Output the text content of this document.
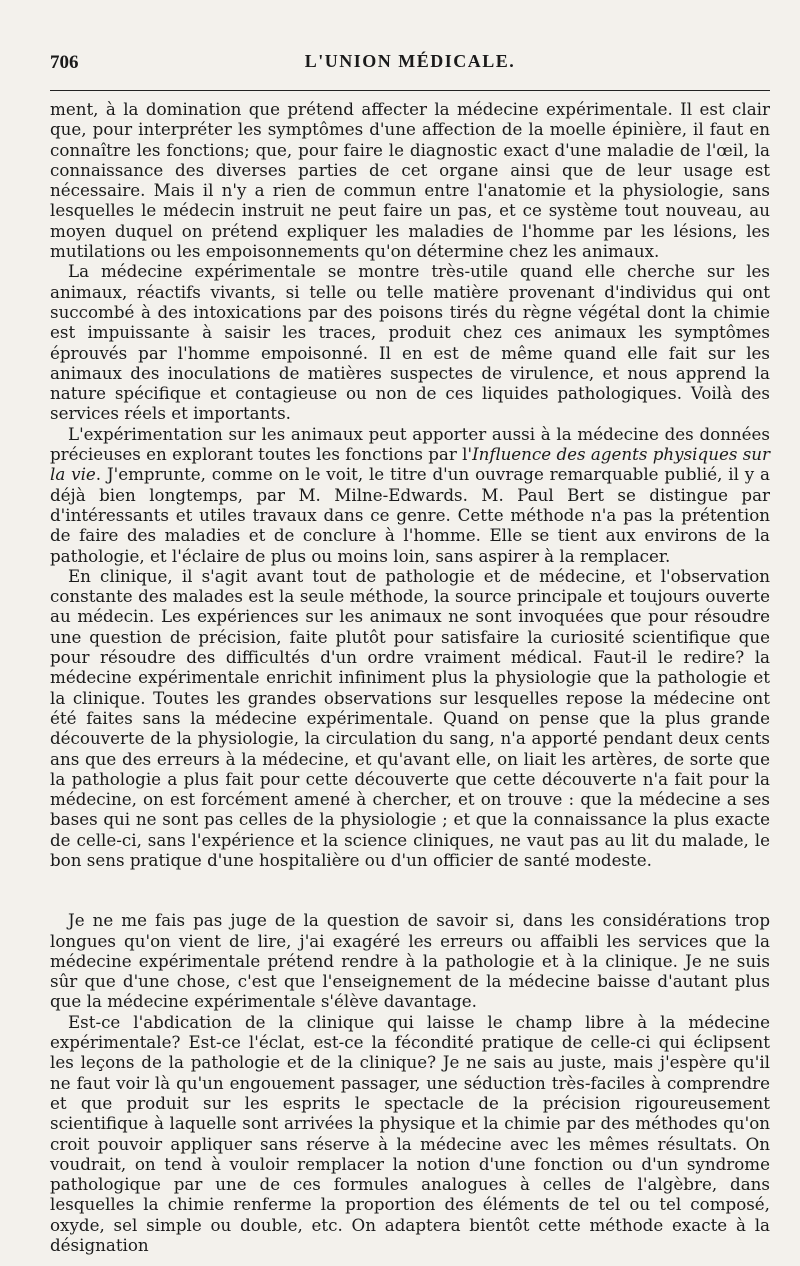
706	L'UNION MÉDICALE.

ment, à la domination que prétend affecter la médecine expérimentale. Il est clair que, pour interpréter les symptômes d'une affection de la moelle épinière, il faut en connaître les fonctions; que, pour faire le diagnostic exact d'une maladie de l'œil, la connaissance des diverses parties de cet organe ainsi que de leur usage est nécessaire. Mais il n'y a rien de commun entre l'anatomie et la physiologie, sans lesquelles le médecin instruit ne peut faire un pas, et ce système tout nouveau, au moyen duquel on prétend expliquer les maladies de l'homme par les lésions, les mutilations ou les empoisonnements qu'on détermine chez les animaux.

La médecine expérimentale se montre très-utile quand elle cherche sur les animaux, réactifs vivants, si telle ou telle matière provenant d'individus qui ont succombé à des intoxications par des poisons tirés du règne végétal dont la chimie est impuissante à saisir les traces, produit chez ces animaux les symptômes éprouvés par l'homme empoisonné. Il en est de même quand elle fait sur les animaux des inoculations de matières suspectes de virulence, et nous apprend la nature spécifique et contagieuse ou non de ces liquides pathologiques. Voilà des services réels et importants.

L'expérimentation sur les animaux peut apporter aussi à la médecine des données précieuses en explorant toutes les fonctions par l'Influence des agents physiques sur la vie. J'emprunte, comme on le voit, le titre d'un ouvrage remarquable publié, il y a déjà bien longtemps, par M. Milne-Edwards. M. Paul Bert se distingue par d'intéressants et utiles travaux dans ce genre. Cette méthode n'a pas la prétention de faire des maladies et de conclure à l'homme. Elle se tient aux environs de la pathologie, et l'éclaire de plus ou moins loin, sans aspirer à la remplacer.

En clinique, il s'agit avant tout de pathologie et de médecine, et l'observation constante des malades est la seule méthode, la source principale et toujours ouverte au médecin. Les expériences sur les animaux ne sont invoquées que pour résoudre une question de précision, faite plutôt pour satisfaire la curiosité scientifique que pour résoudre des difficultés d'un ordre vraiment médical. Faut-il le redire? la médecine expérimentale enrichit infiniment plus la physiologie que la pathologie et la clinique. Toutes les grandes observations sur lesquelles repose la médecine ont été faites sans la médecine expérimentale. Quand on pense que la plus grande découverte de la physiologie, la circulation du sang, n'a apporté pendant deux cents ans que des erreurs à la médecine, et qu'avant elle, on liait les artères, de sorte que la pathologie a plus fait pour cette découverte que cette découverte n'a fait pour la médecine, on est forcément amené à chercher, et on trouve : que la médecine a ses bases qui ne sont pas celles de la physiologie ; et que la connaissance la plus exacte de celle-ci, sans l'expérience et la science cliniques, ne vaut pas au lit du malade, le bon sens pratique d'une hospitalière ou d'un officier de santé modeste.

Je ne me fais pas juge de la question de savoir si, dans les considérations trop longues qu'on vient de lire, j'ai exagéré les erreurs ou affaibli les services que la médecine expérimentale prétend rendre à la pathologie et à la clinique. Je ne suis sûr que d'une chose, c'est que l'enseignement de la médecine baisse d'autant plus que la médecine expérimentale s'élève davantage.

Est-ce l'abdication de la clinique qui laisse le champ libre à la médecine expérimentale? Est-ce l'éclat, est-ce la fécondité pratique de celle-ci qui éclipsent les leçons de la pathologie et de la clinique? Je ne sais au juste, mais j'espère qu'il ne faut voir là qu'un engouement passager, une séduction très-faciles à comprendre et que produit sur les esprits le spectacle de la précision rigoureusement scientifique à laquelle sont arrivées la physique et la chimie par des méthodes qu'on croit pouvoir appliquer sans réserve à la médecine avec les mêmes résultats. On voudrait, on tend à vouloir remplacer la notion d'une fonction ou d'un syndrome pathologique par une de ces formules analogues à celles de l'algèbre, dans lesquelles la chimie renferme la proportion des éléments de tel ou tel composé, oxyde, sel simple ou double, etc. On adaptera bientôt cette méthode exacte à la désignation
